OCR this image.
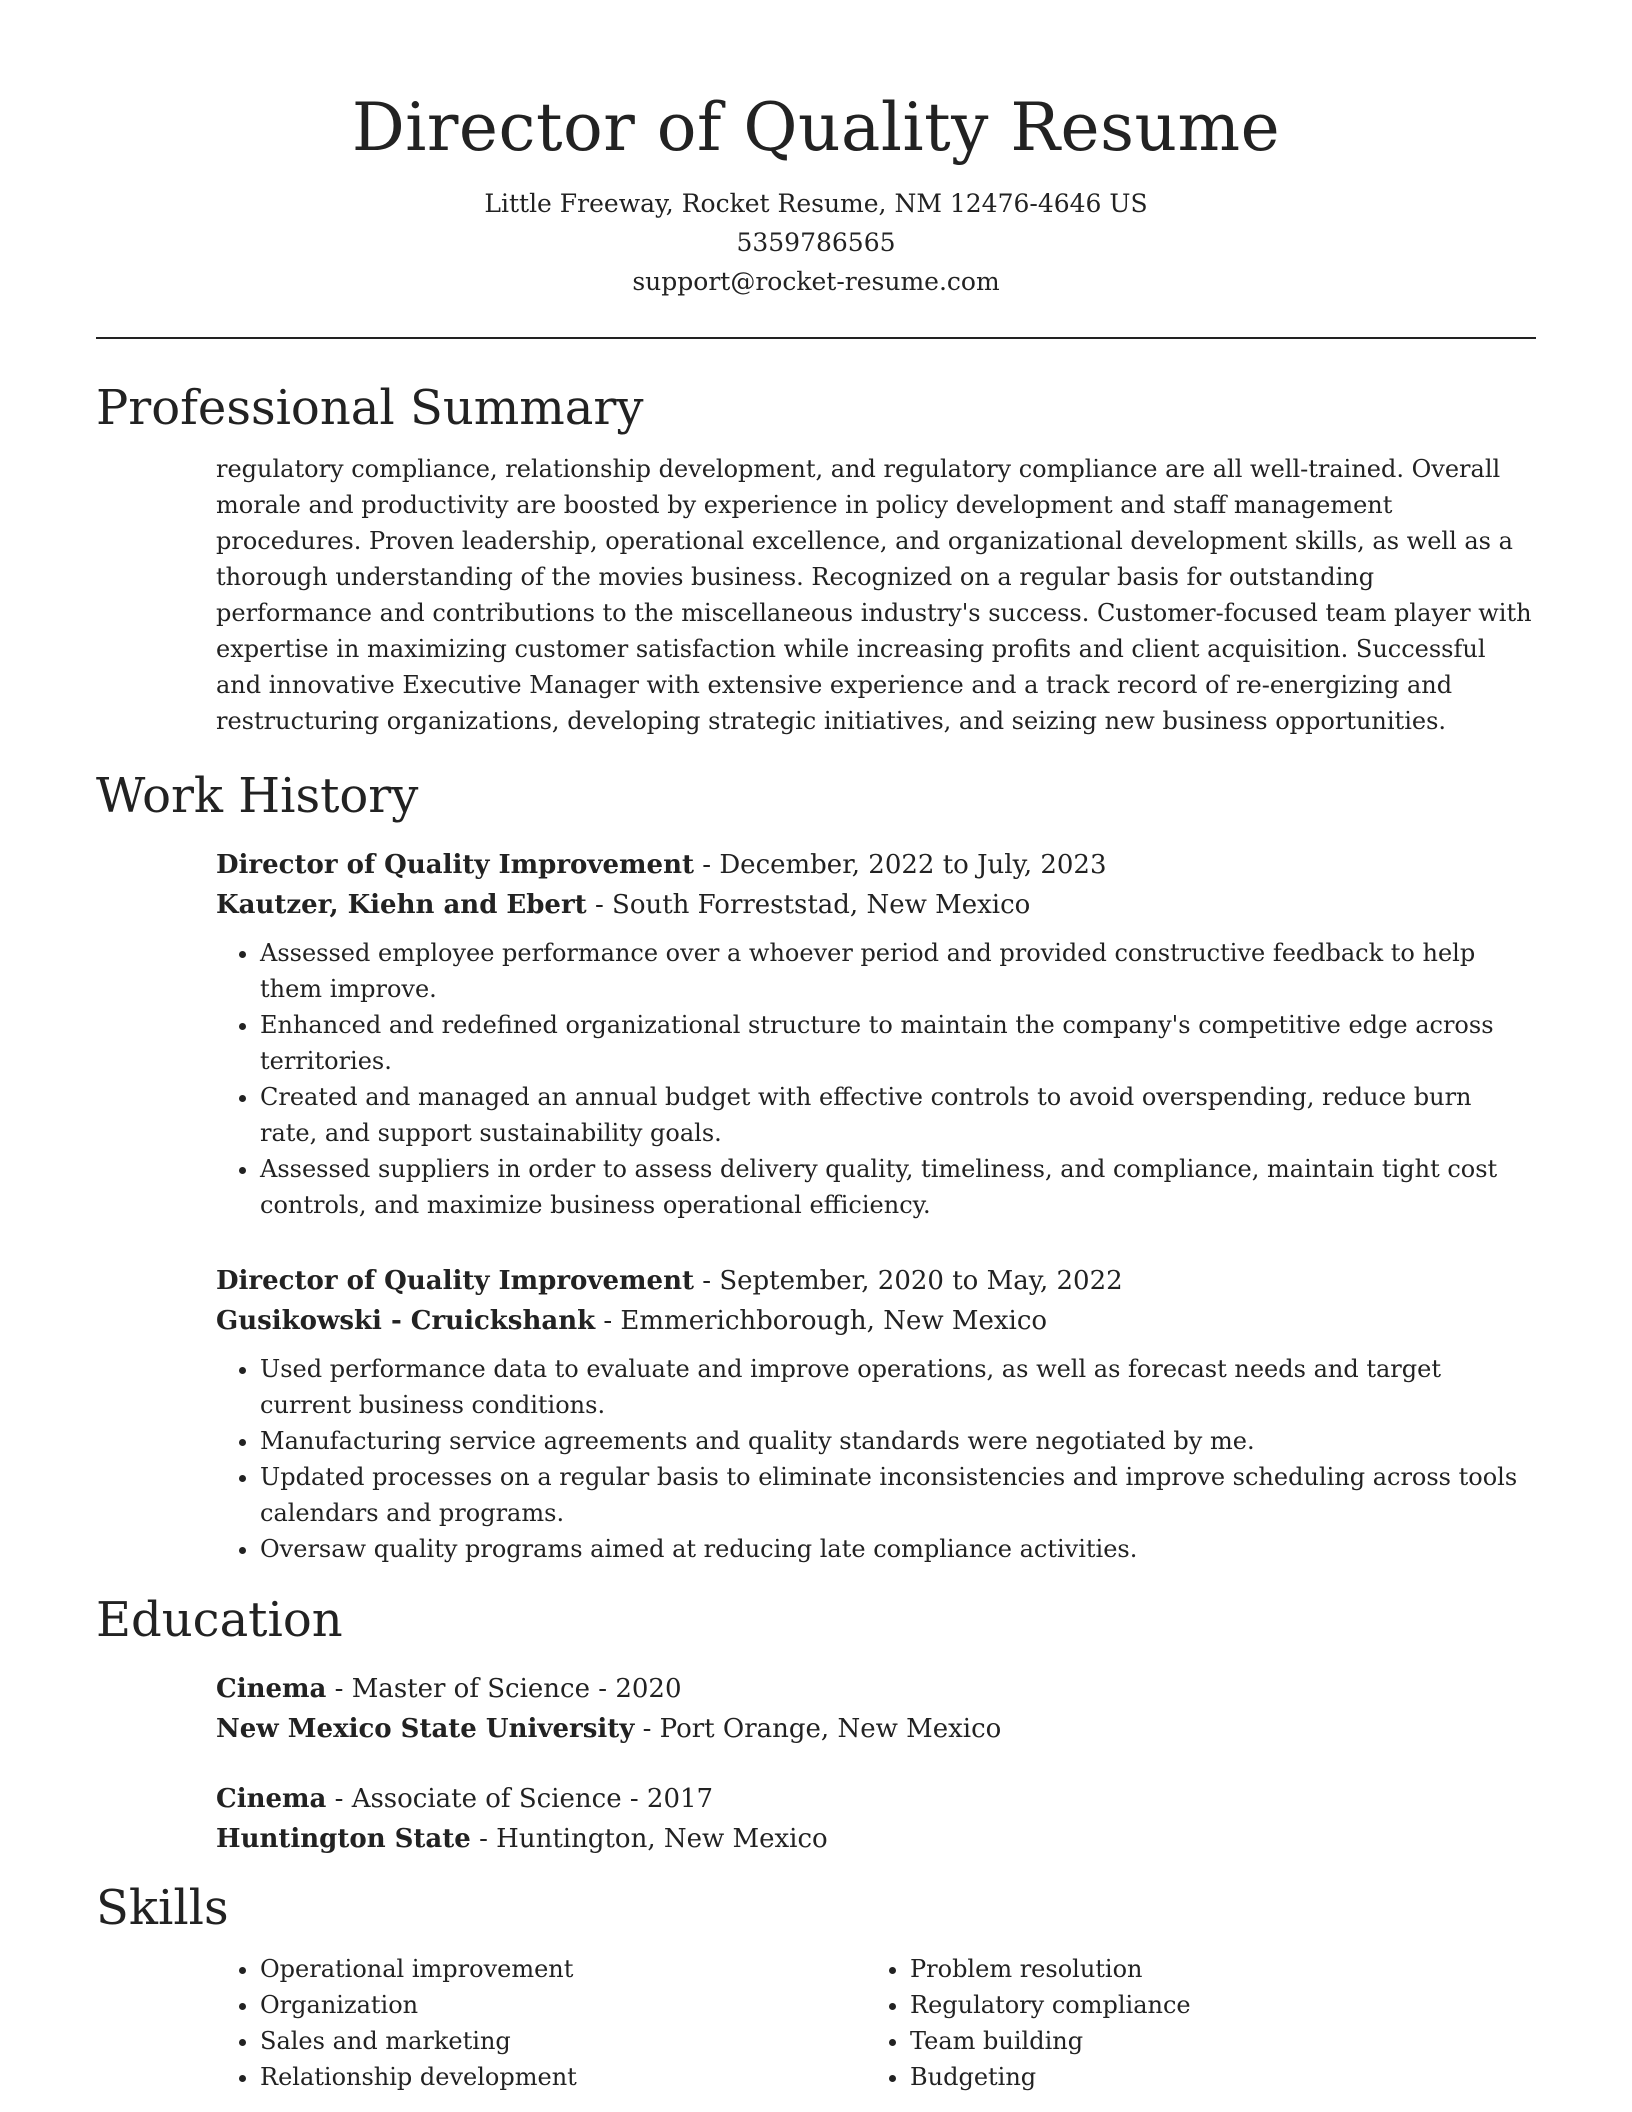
Director of Quality Resume

Little Freeway, Rocket Resume, NM 12476-4646 US

5359786565

support@rocket-resume.com

Professional Summary

regulatory compliance, relationship development, and regulatory compliance are all well-trained. Overall morale and productivity are boosted by experience in policy development and staff management procedures. Proven leadership, operational excellence, and organizational development skills, as well as a thorough understanding of the movies business. Recognized on a regular basis for outstanding performance and contributions to the miscellaneous industry's success. Customer-focused team player with expertise in maximizing customer satisfaction while increasing profits and client acquisition. Successful and innovative Executive Manager with extensive experience and a track record of re-energizing and restructuring organizations, developing strategic initiatives, and seizing new business opportunities.

Work History

Director of Quality Improvement - December, 2022 to July, 2023

Kautzer, Kiehn and Ebert - South Forreststad, New Mexico

• Assessed employee performance over a whoever period and provided constructive feedback to help them improve.
• Enhanced and redefined organizational structure to maintain the company's competitive edge across territories.
• Created and managed an annual budget with effective controls to avoid overspending, reduce burn rate, and support sustainability goals.
• Assessed suppliers in order to assess delivery quality, timeliness, and compliance, maintain tight cost controls, and maximize business operational efficiency.

Director of Quality Improvement - September, 2020 to May, 2022

Gusikowski - Cruickshank - Emmerichborough, New Mexico

• Used performance data to evaluate and improve operations, as well as forecast needs and target current business conditions.
• Manufacturing service agreements and quality standards were negotiated by me.
• Updated processes on a regular basis to eliminate inconsistencies and improve scheduling across tools calendars and programs.
• Oversaw quality programs aimed at reducing late compliance activities.
Education

Cinema - Master of Science - 2020

New Mexico State University - Port Orange, New Mexico

Cinema - Associate of Science - 2017

Huntington State - Huntington, New Mexico

Skills
• Operational improvement
• Organization
• Sales and marketing
• Relationship development
• Problem resolution
• Regulatory compliance
• Team building
• Budgeting
